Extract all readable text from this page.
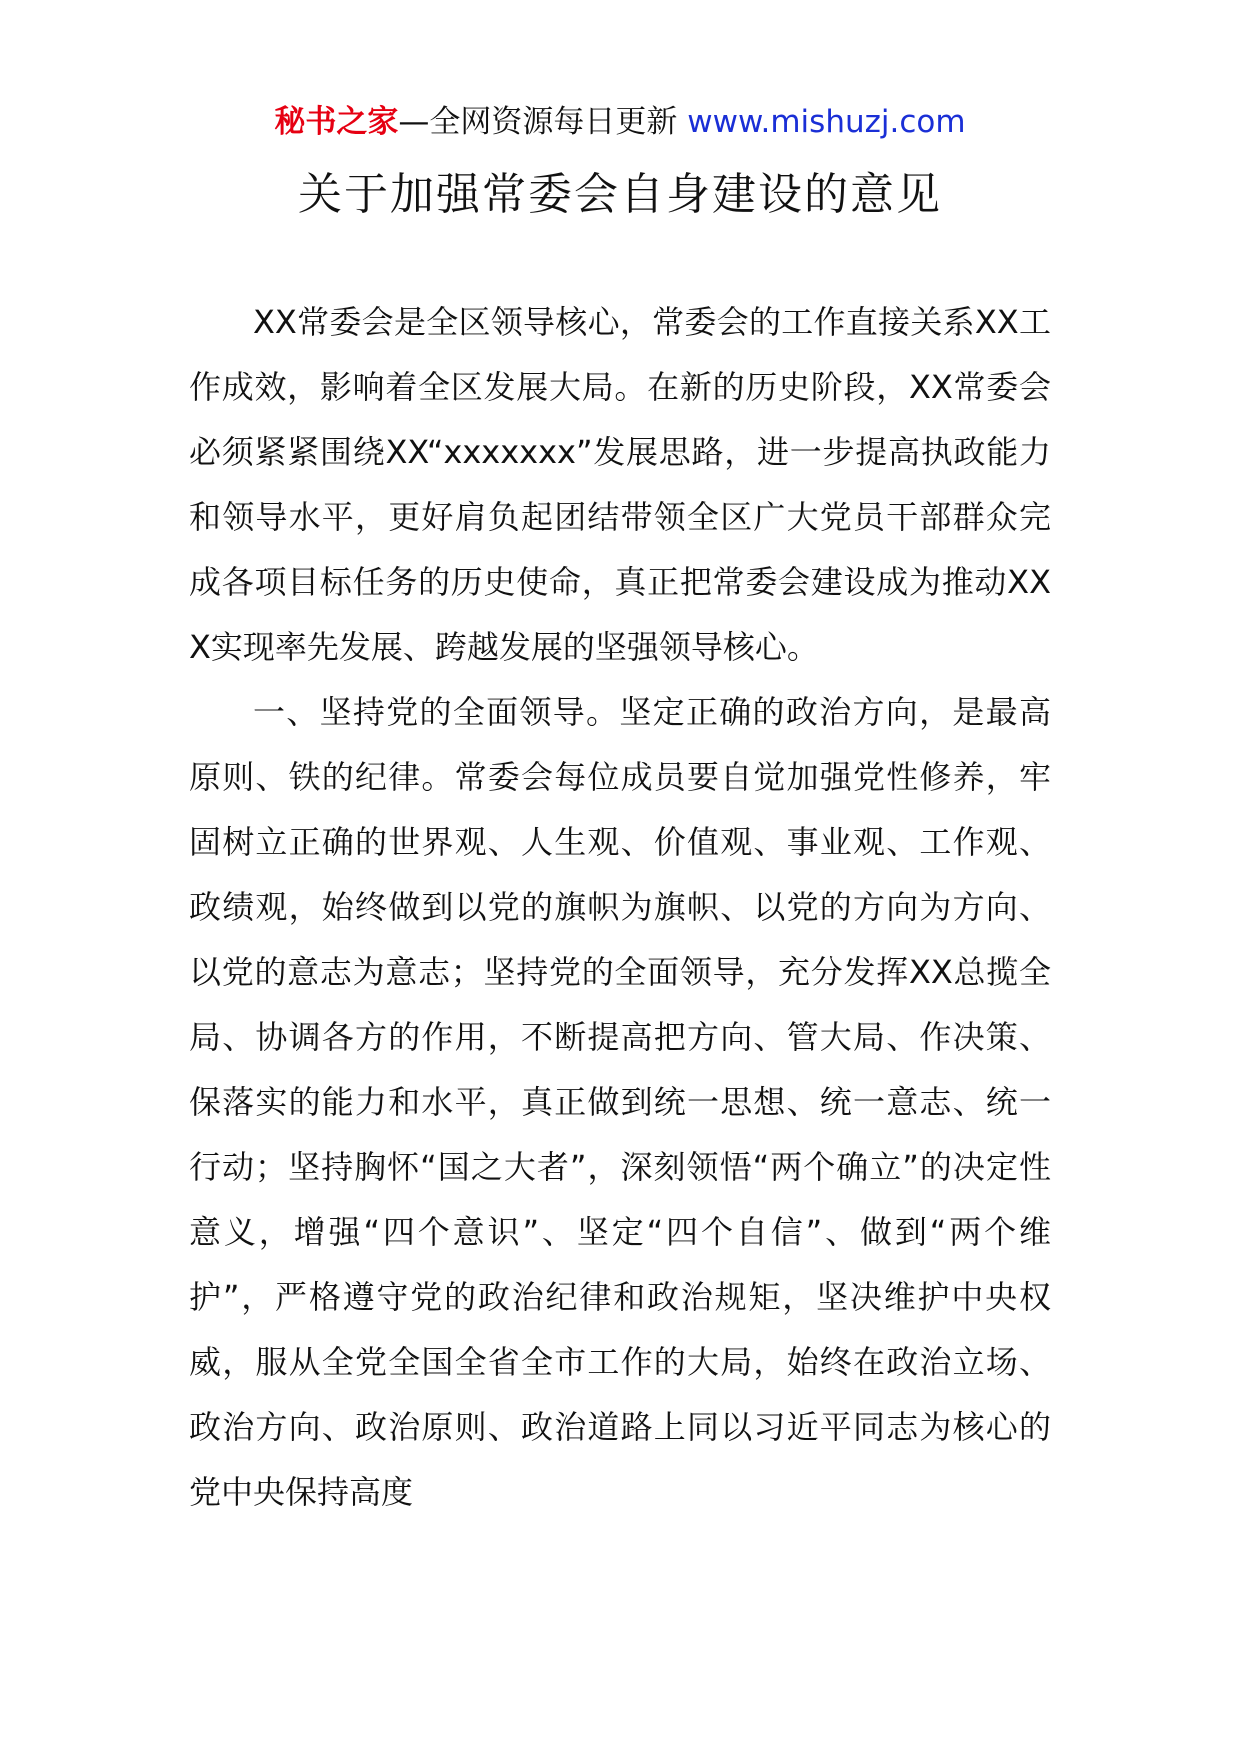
秘书之家—全网资源每日更新 www.mishuzj.com
关于加强常委会自身建设的意见

XX常委会是全区领导核心，常委会的工作直接关系XX工作成效，影响着全区发展大局。在新的历史阶段，XX常委会必须紧紧围绕XX“xxxxxxx”发展思路，进一步提高执政能力和领导水平，更好肩负起团结带领全区广大党员干部群众完成各项目标任务的历史使命，真正把常委会建设成为推动XXX实现率先发展、跨越发展的坚强领导核心。

一、坚持党的全面领导。坚定正确的政治方向，是最高原则、铁的纪律。常委会每位成员要自觉加强党性修养，牢固树立正确的世界观、人生观、价值观、事业观、工作观、政绩观，始终做到以党的旗帜为旗帜、以党的方向为方向、以党的意志为意志；坚持党的全面领导，充分发挥XX总揽全局、协调各方的作用，不断提高把方向、管大局、作决策、保落实的能力和水平，真正做到统一思想、统一意志、统一行动；坚持胸怀“国之大者”，深刻领悟“两个确立”的决定性意义，增强“四个意识”、坚定“四个自信”、做到“两个维护”，严格遵守党的政治纪律和政治规矩，坚决维护中央权威，服从全党全国全省全市工作的大局，始终在政治立场、政治方向、政治原则、政治道路上同以习近平同志为核心的党中央保持高度
